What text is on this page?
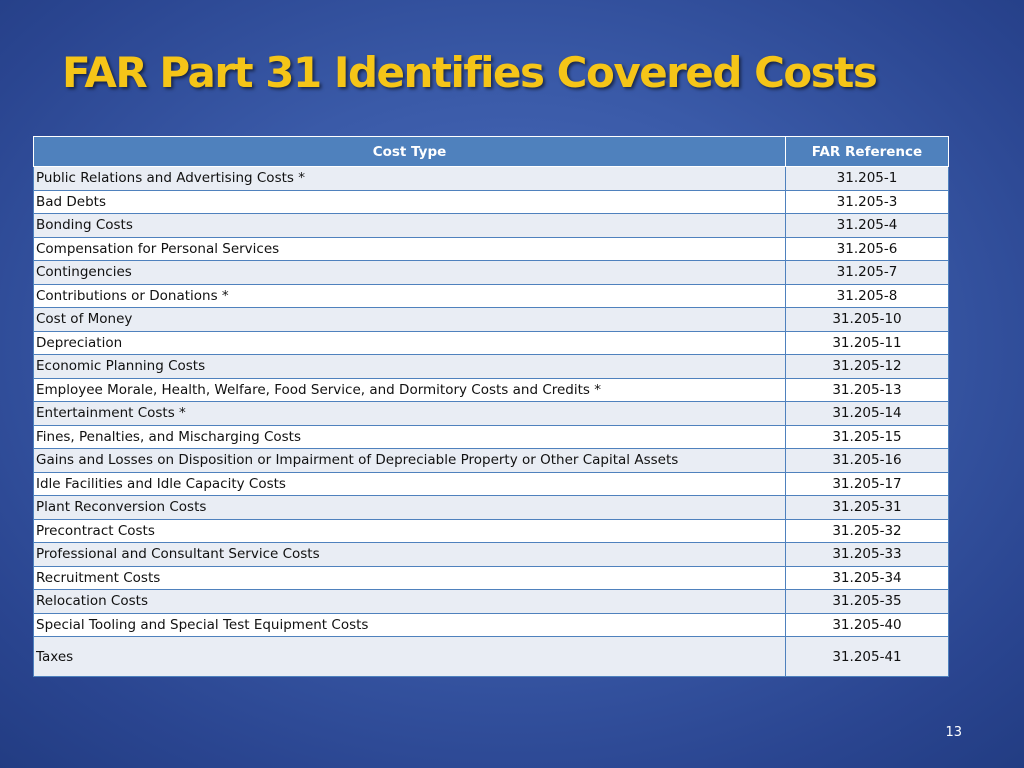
FAR Part 31 Identifies Covered Costs
Cost Type	FAR Reference
Public Relations and Advertising Costs *	31.205-1
Bad Debts	31.205-3
Bonding Costs	31.205-4
Compensation for Personal Services	31.205-6
Contingencies	31.205-7
Contributions or Donations *	31.205-8
Cost of Money	31.205-10
Depreciation	31.205-11
Economic Planning Costs	31.205-12
Employee Morale, Health, Welfare, Food Service, and Dormitory Costs and Credits *	31.205-13
Entertainment Costs *	31.205-14
Fines, Penalties, and Mischarging Costs	31.205-15
Gains and Losses on Disposition or Impairment of Depreciable Property or Other Capital Assets	31.205-16
Idle Facilities and Idle Capacity Costs	31.205-17
Plant Reconversion Costs	31.205-31
Precontract Costs	31.205-32
Professional and Consultant Service Costs	31.205-33
Recruitment Costs	31.205-34
Relocation Costs	31.205-35
Special Tooling and Special Test Equipment Costs	31.205-40
Taxes	31.205-41
13
